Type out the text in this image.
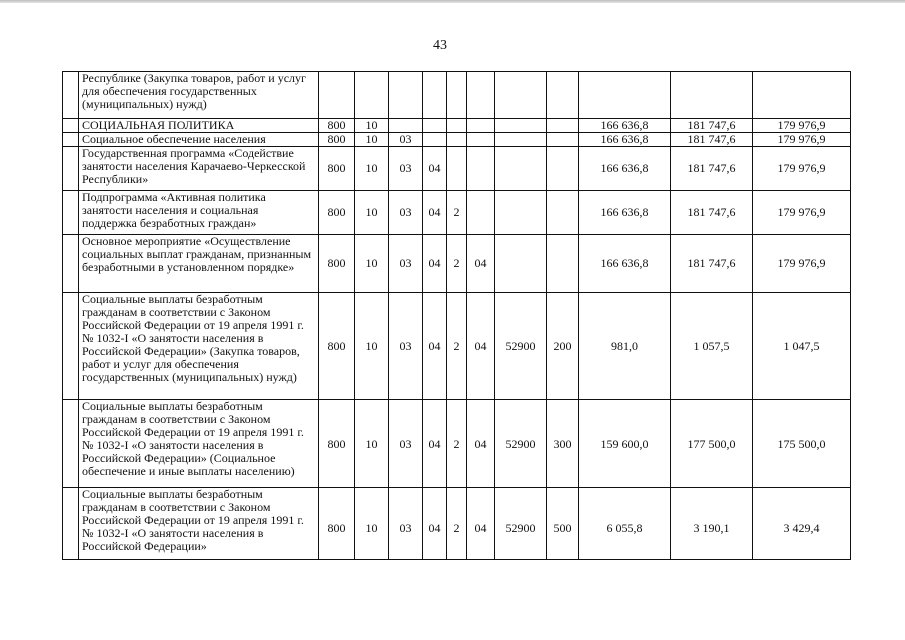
43
	Республике (Закупка товаров, работ и услуг для обеспечения государственных (муниципальных) нужд)											
	СОЦИАЛЬНАЯ ПОЛИТИКА	800	10							166 636,8	181 747,6	179 976,9
	Социальное обеспечение населения	800	10	03						166 636,8	181 747,6	179 976,9
	Государственная программа «Содействие занятости населения Карачаево-Черкесской Республики»	800	10	03	04					166 636,8	181 747,6	179 976,9
	Подпрограмма «Активная политика занятости населения и социальная поддержка безработных граждан»	800	10	03	04	2				166 636,8	181 747,6	179 976,9
	Основное мероприятие «Осуществление социальных выплат гражданам, признанным безработными в установленном порядке»	800	10	03	04	2	04			166 636,8	181 747,6	179 976,9
	Социальные выплаты безработным гражданам в соответствии с Законом Российской Федерации от 19 апреля 1991 г. № 1032-I «О занятости населения в Российской Федерации» (Закупка товаров, работ и услуг для обеспечения государственных (муниципальных) нужд)	800	10	03	04	2	04	52900	200	981,0	1 057,5	1 047,5
	Социальные выплаты безработным гражданам в соответствии с Законом Российской Федерации от 19 апреля 1991 г. № 1032-I «О занятости населения в Российской Федерации» (Социальное обеспечение и иные выплаты населению)	800	10	03	04	2	04	52900	300	159 600,0	177 500,0	175 500,0
	Социальные выплаты безработным гражданам в соответствии с Законом Российской Федерации от 19 апреля 1991 г. № 1032-I «О занятости населения в Российской Федерации»	800	10	03	04	2	04	52900	500	6 055,8	3 190,1	3 429,4
